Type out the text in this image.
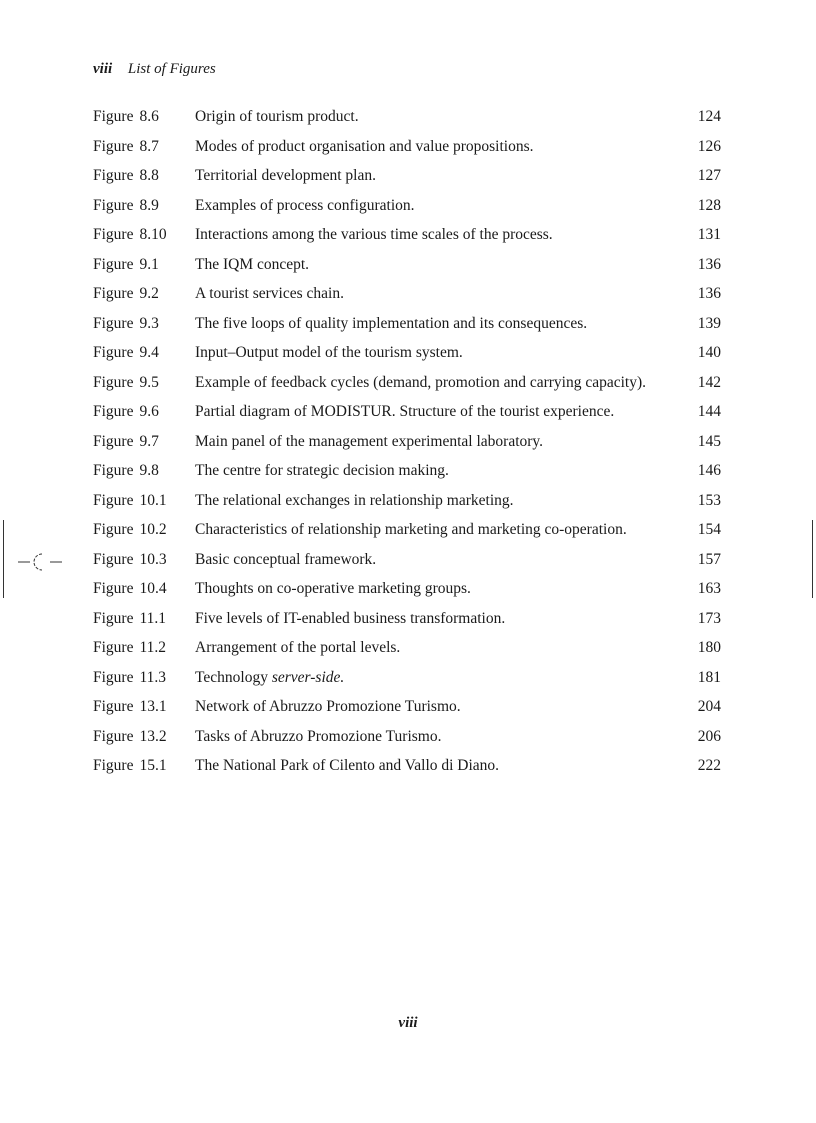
viii List of Figures
Figure 8.6 Origin of tourism product.	124
Figure 8.7 Modes of product organisation and value propositions.	126
Figure 8.8 Territorial development plan.	127
Figure 8.9 Examples of process configuration.	128
Figure 8.10 Interactions among the various time scales of the process.	131
Figure 9.1 The IQM concept.	136
Figure 9.2 A tourist services chain.	136
Figure 9.3 The five loops of quality implementation and its consequences.	139
Figure 9.4 Input–Output model of the tourism system.	140
Figure 9.5 Example of feedback cycles (demand, promotion and carrying capacity).	142
Figure 9.6 Partial diagram of MODISTUR. Structure of the tourist experience.	144
Figure 9.7 Main panel of the management experimental laboratory.	145
Figure 9.8 The centre for strategic decision making.	146
Figure 10.1 The relational exchanges in relationship marketing.	153
Figure 10.2 Characteristics of relationship marketing and marketing co-operation.	154
Figure 10.3 Basic conceptual framework.	157
Figure 10.4 Thoughts on co-operative marketing groups.	163
Figure 11.1 Five levels of IT-enabled business transformation.	173
Figure 11.2 Arrangement of the portal levels.	180
Figure 11.3 Technology server-side.	181
Figure 13.1 Network of Abruzzo Promozione Turismo.	204
Figure 13.2 Tasks of Abruzzo Promozione Turismo.	206
Figure 15.1 The National Park of Cilento and Vallo di Diano.	222
viii
